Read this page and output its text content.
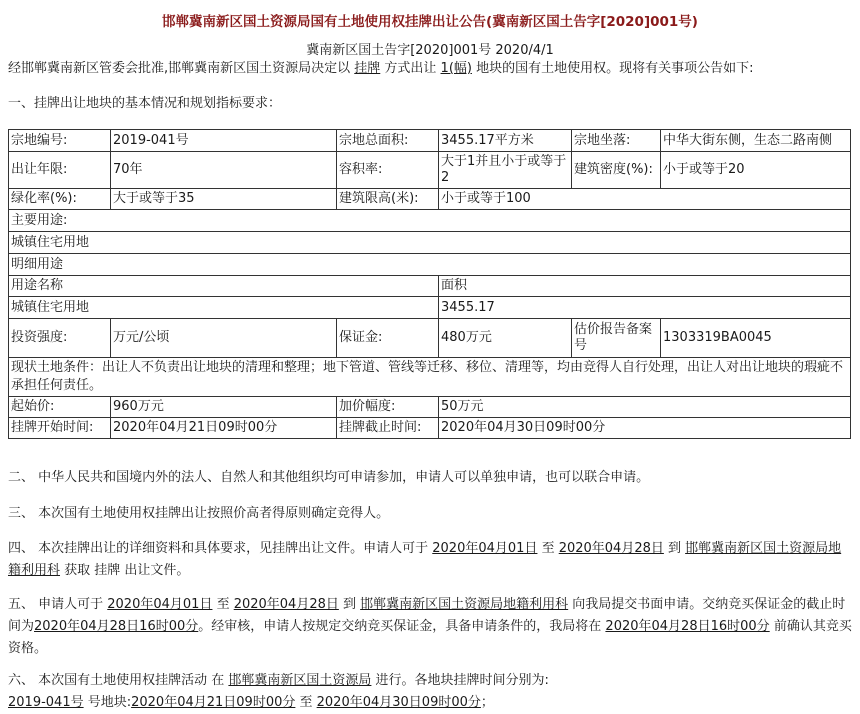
邯郸冀南新区国土资源局国有土地使用权挂牌出让公告(冀南新区国土告字[2020]001号)
冀南新区国土告字[2020]001号 2020/4/1
经邯郸冀南新区管委会批准,邯郸冀南新区国土资源局决定以 挂牌 方式出让 1(幅) 地块的国有土地使用权。现将有关事项公告如下:
一、挂牌出让地块的基本情况和规划指标要求：
宗地编号:	2019-041号	宗地总面积:	3455.17平方米	宗地坐落:	中华大街东侧，生态二路南侧
出让年限:	70年	容积率:	大于1并且小于或等于2	建筑密度(%):	小于或等于20
绿化率(%):	大于或等于35	建筑限高(米):	小于或等于100		
主要用途:					
城镇住宅用地					
明细用途					
用途名称			面积		
城镇住宅用地			3455.17		
投资强度:	万元/公顷	保证金:	480万元	估价报告备案号	1303319BA0045
现状土地条件：出让人不负责出让地块的清理和整理；地下管道、管线等迁移、移位、清理等，均由竞得人自行处理，出让人对出让地块的瑕疵不承担任何责任。					
起始价:	960万元	加价幅度:	50万元		
挂牌开始时间:	2020年04月21日09时00分	挂牌截止时间:	2020年04月30日09时00分		
二、 中华人民共和国境内外的法人、自然人和其他组织均可申请参加，申请人可以单独申请，也可以联合申请。
三、 本次国有土地使用权挂牌出让按照价高者得原则确定竞得人。
四、 本次挂牌出让的详细资料和具体要求，见挂牌出让文件。申请人可于 2020年04月01日 至 2020年04月28日 到 邯郸冀南新区国土资源局地籍利用科 获取 挂牌 出让文件。
五、 申请人可于 2020年04月01日 至 2020年04月28日 到 邯郸冀南新区国土资源局地籍利用科 向我局提交书面申请。交纳竞买保证金的截止时间为2020年04月28日16时00分。经审核，申请人按规定交纳竞买保证金，具备申请条件的，我局将在 2020年04月28日16时00分 前确认其竞买资格。
六、 本次国有土地使用权挂牌活动 在 邯郸冀南新区国土资源局 进行。各地块挂牌时间分别为:
2019-041号 号地块:2020年04月21日09时00分 至 2020年04月30日09时00分；
